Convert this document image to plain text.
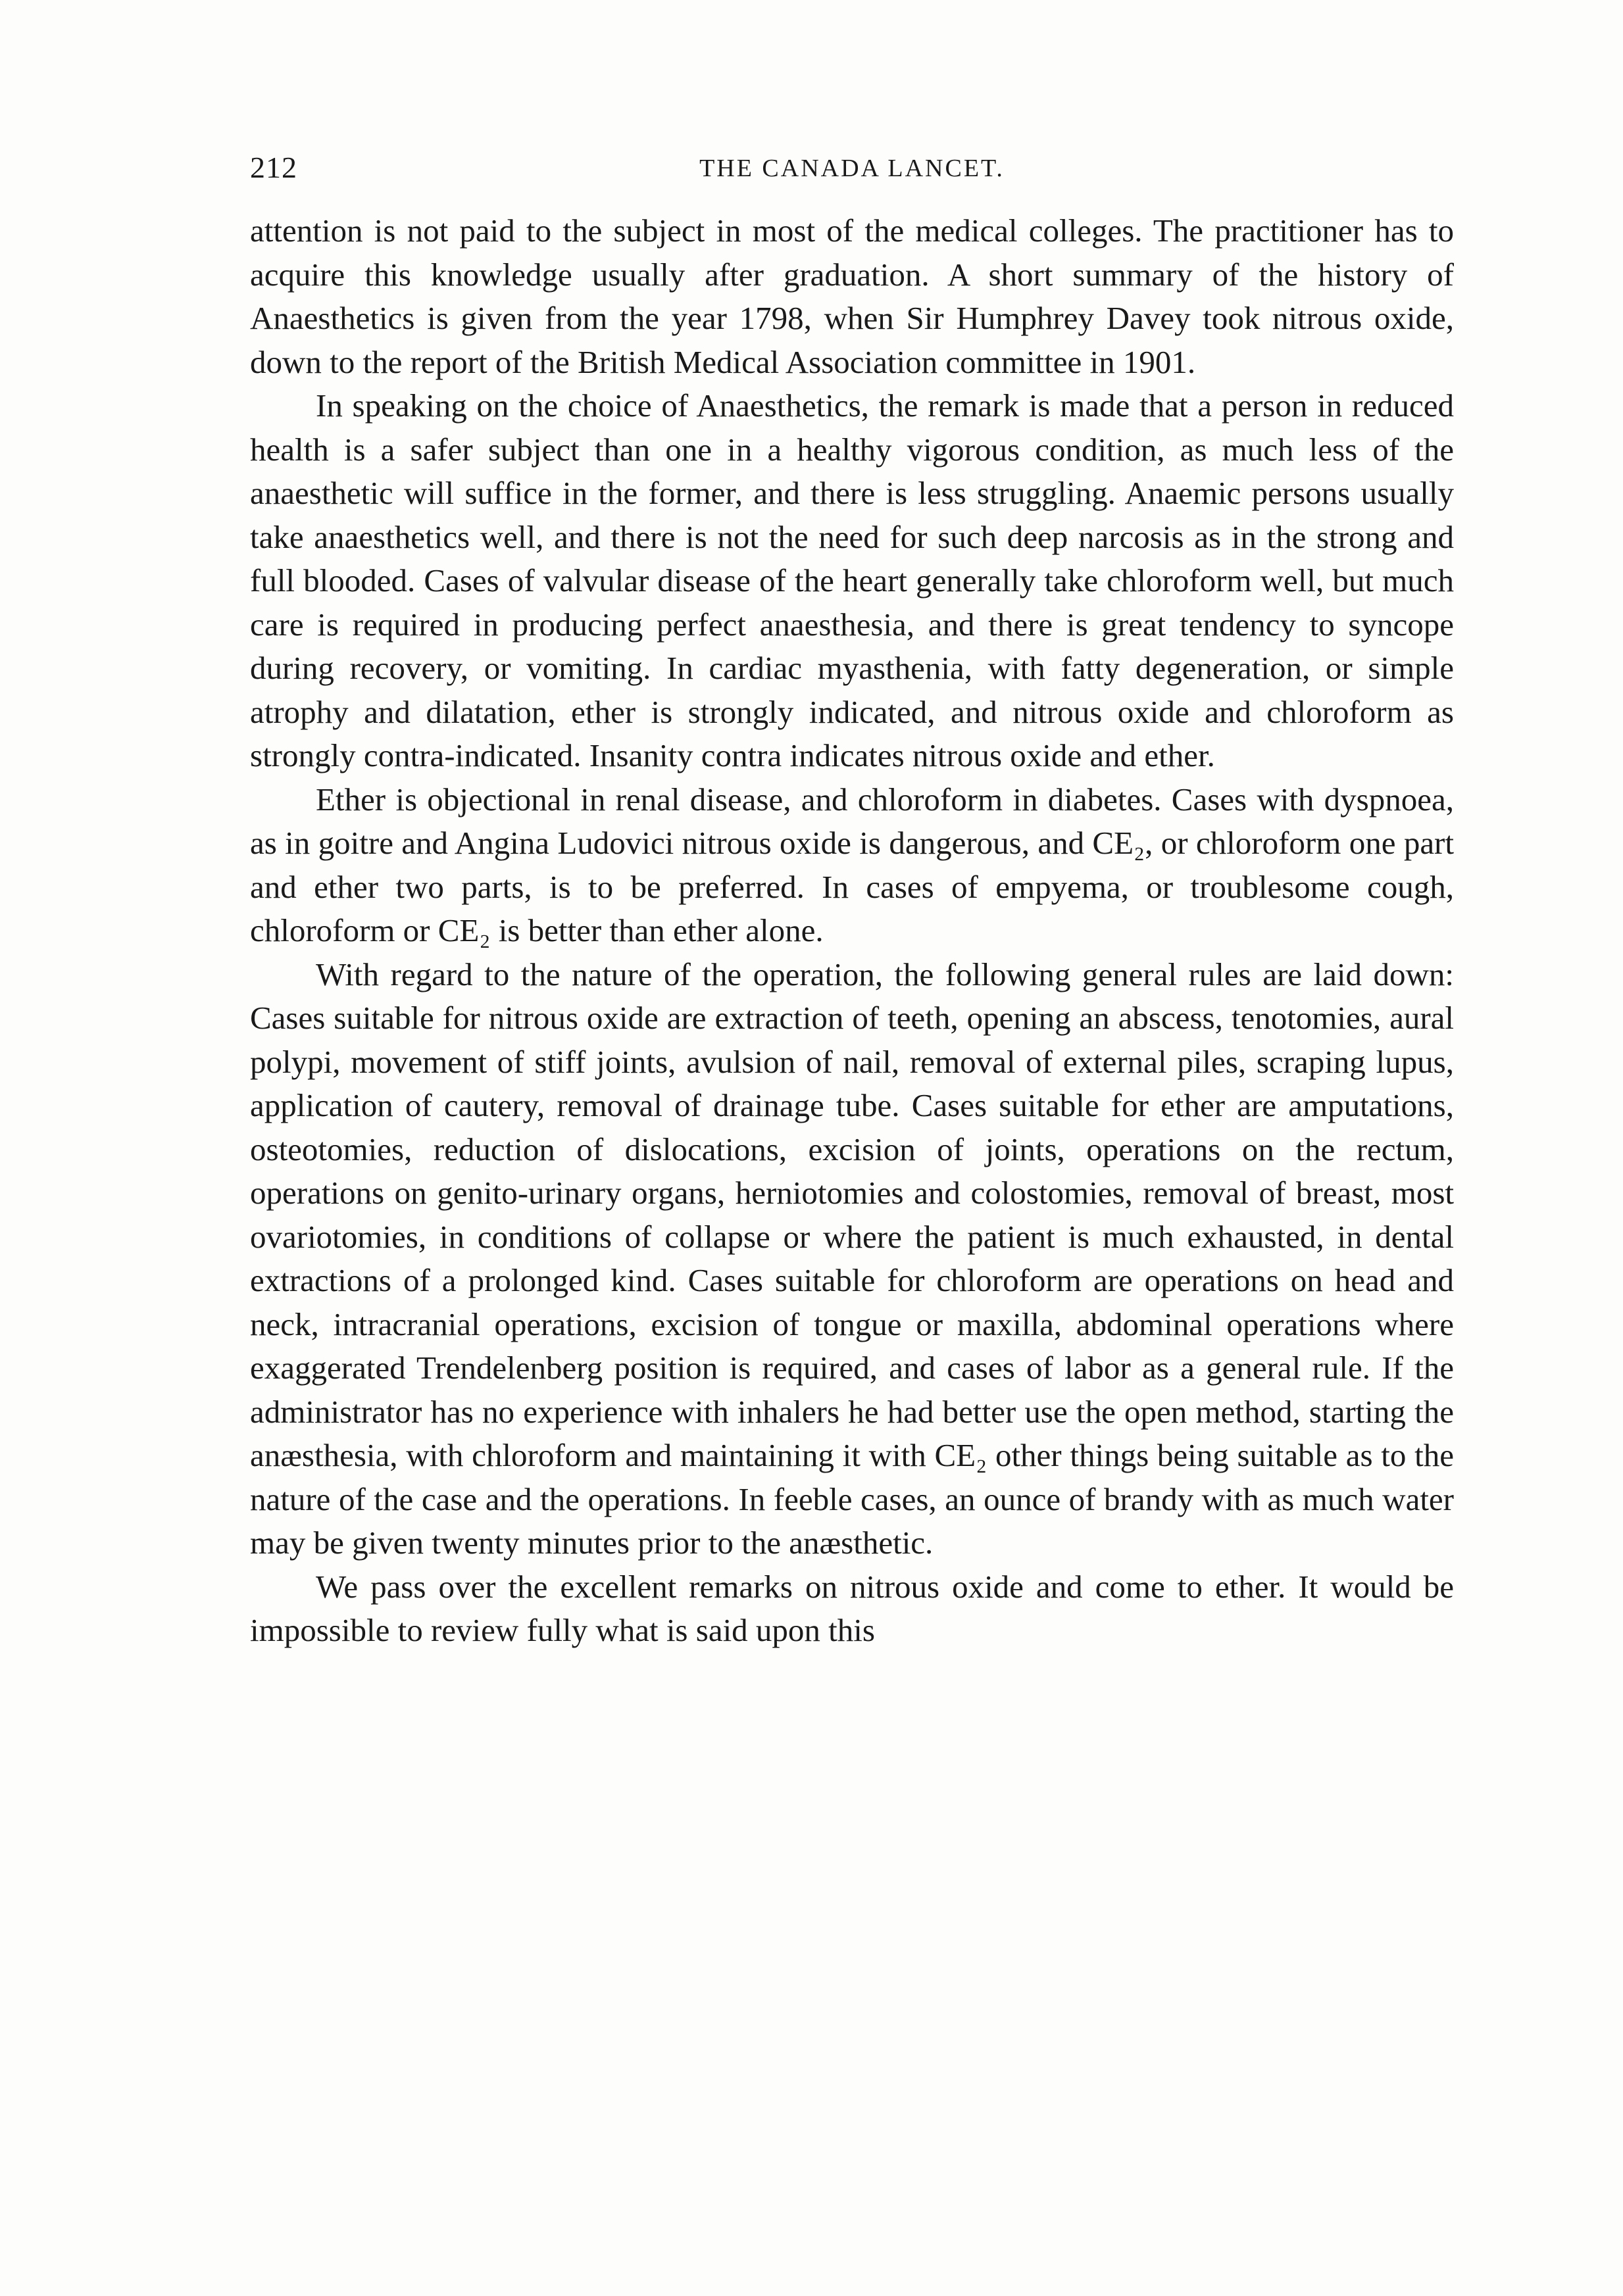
212	THE CANADA LANCET.

attention is not paid to the subject in most of the medical colleges. The practitioner has to acquire this knowledge usually after graduation. A short summary of the history of Anaesthetics is given from the year 1798, when Sir Humphrey Davey took nitrous oxide, down to the report of the British Medical Association committee in 1901.

In speaking on the choice of Anaesthetics, the remark is made that a person in reduced health is a safer subject than one in a healthy vigorous condition, as much less of the anaesthetic will suffice in the former, and there is less struggling. Anaemic persons usually take anaesthetics well, and there is not the need for such deep narcosis as in the strong and full blooded. Cases of valvular disease of the heart generally take chloroform well, but much care is required in producing perfect anaesthesia, and there is great tendency to syncope during recovery, or vomiting. In cardiac myasthenia, with fatty degeneration, or simple atrophy and dilatation, ether is strongly indicated, and nitrous oxide and chloroform as strongly contra-indicated. Insanity contra indicates nitrous oxide and ether.

Ether is objectional in renal disease, and chloroform in diabetes. Cases with dyspnoea, as in goitre and Angina Ludovici nitrous oxide is dangerous, and CE₂, or chloroform one part and ether two parts, is to be preferred. In cases of empyema, or troublesome cough, chloroform or CE₂ is better than ether alone.

With regard to the nature of the operation, the following general rules are laid down: Cases suitable for nitrous oxide are extraction of teeth, opening an abscess, tenotomies, aural polypi, movement of stiff joints, avulsion of nail, removal of external piles, scraping lupus, application of cautery, removal of drainage tube. Cases suitable for ether are amputations, osteotomies, reduction of dislocations, excision of joints, operations on the rectum, operations on genito-urinary organs, herniotomies and colostomies, removal of breast, most ovariotomies, in conditions of collapse or where the patient is much exhausted, in dental extractions of a prolonged kind. Cases suitable for chloroform are operations on head and neck, intracranial operations, excision of tongue or maxilla, abdominal operations where exaggerated Trendelenberg position is required, and cases of labor as a general rule. If the administrator has no experience with inhalers he had better use the open method, starting the anæsthesia, with chloroform and maintaining it with CE₂ other things being suitable as to the nature of the case and the operations. In feeble cases, an ounce of brandy with as much water may be given twenty minutes prior to the anæsthetic.

We pass over the excellent remarks on nitrous oxide and come to ether. It would be impossible to review fully what is said upon this
